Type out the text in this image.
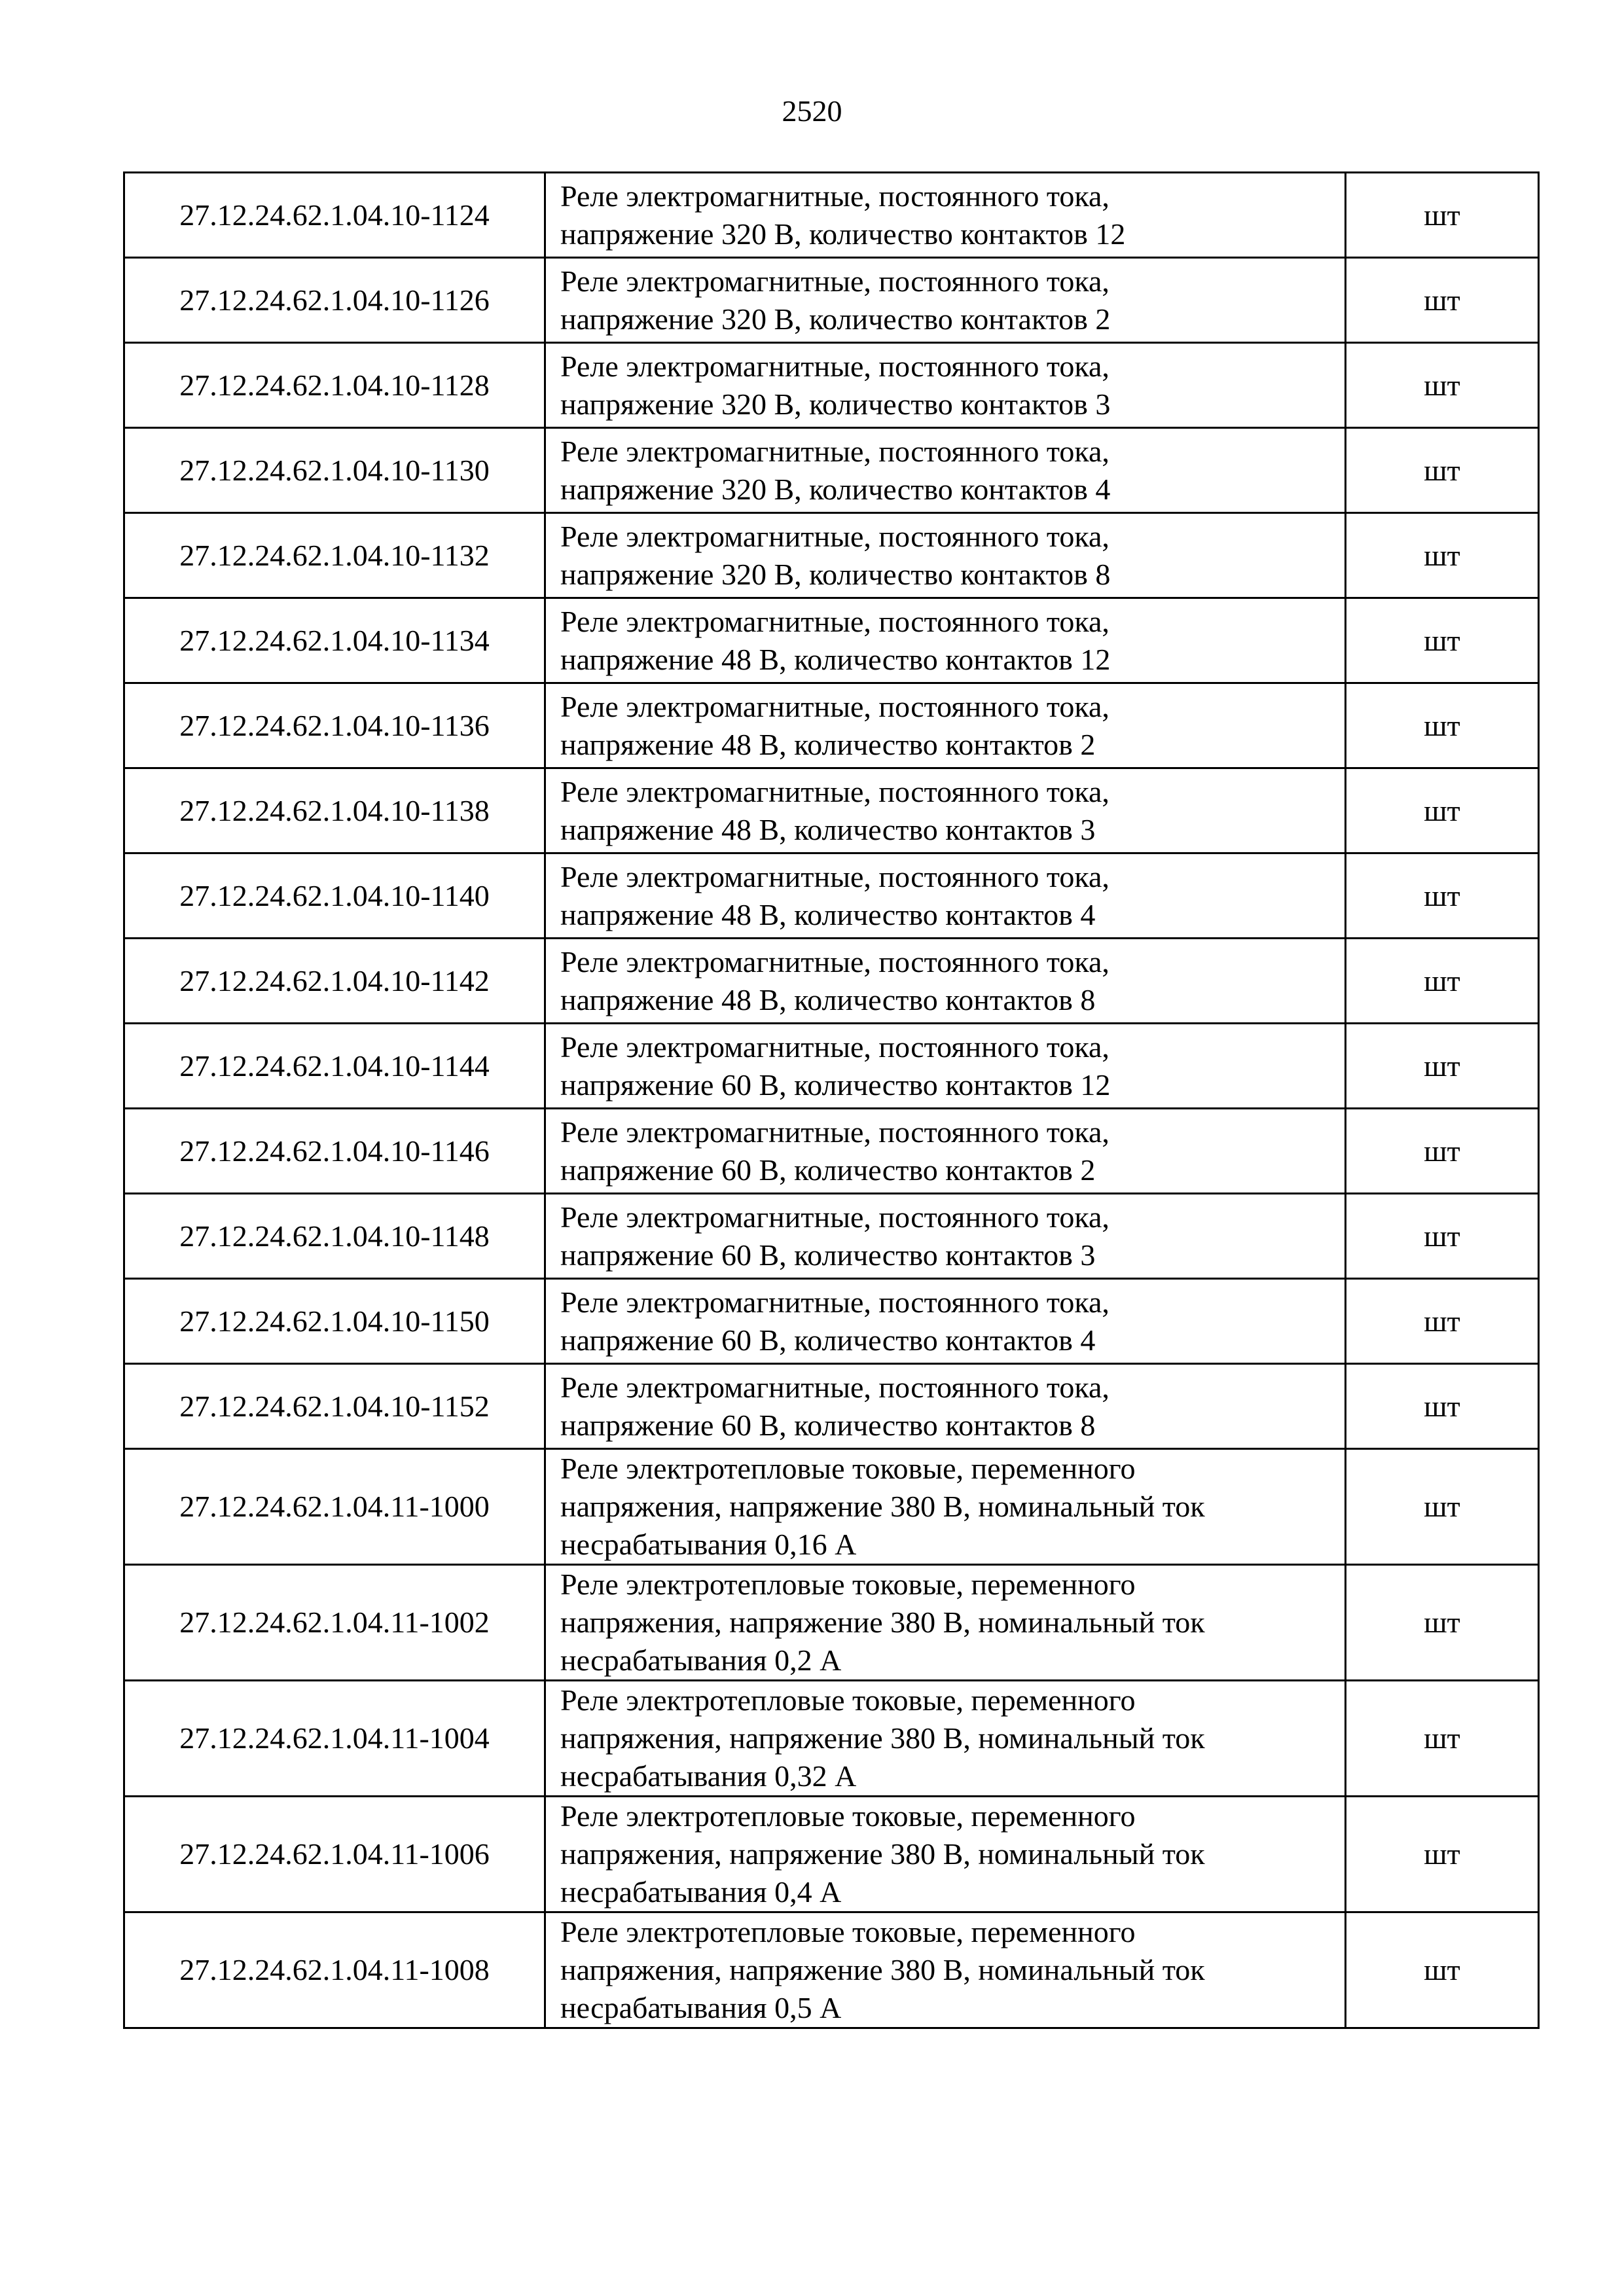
2520
27.12.24.62.1.04.10-1124	Реле электромагнитные, постоянного тока,
напряжение 320 В, количество контактов 12	шт
27.12.24.62.1.04.10-1126	Реле электромагнитные, постоянного тока,
напряжение 320 В, количество контактов 2	шт
27.12.24.62.1.04.10-1128	Реле электромагнитные, постоянного тока,
напряжение 320 В, количество контактов 3	шт
27.12.24.62.1.04.10-1130	Реле электромагнитные, постоянного тока,
напряжение 320 В, количество контактов 4	шт
27.12.24.62.1.04.10-1132	Реле электромагнитные, постоянного тока,
напряжение 320 В, количество контактов 8	шт
27.12.24.62.1.04.10-1134	Реле электромагнитные, постоянного тока,
напряжение 48 В, количество контактов 12	шт
27.12.24.62.1.04.10-1136	Реле электромагнитные, постоянного тока,
напряжение 48 В, количество контактов 2	шт
27.12.24.62.1.04.10-1138	Реле электромагнитные, постоянного тока,
напряжение 48 В, количество контактов 3	шт
27.12.24.62.1.04.10-1140	Реле электромагнитные, постоянного тока,
напряжение 48 В, количество контактов 4	шт
27.12.24.62.1.04.10-1142	Реле электромагнитные, постоянного тока,
напряжение 48 В, количество контактов 8	шт
27.12.24.62.1.04.10-1144	Реле электромагнитные, постоянного тока,
напряжение 60 В, количество контактов 12	шт
27.12.24.62.1.04.10-1146	Реле электромагнитные, постоянного тока,
напряжение 60 В, количество контактов 2	шт
27.12.24.62.1.04.10-1148	Реле электромагнитные, постоянного тока,
напряжение 60 В, количество контактов 3	шт
27.12.24.62.1.04.10-1150	Реле электромагнитные, постоянного тока,
напряжение 60 В, количество контактов 4	шт
27.12.24.62.1.04.10-1152	Реле электромагнитные, постоянного тока,
напряжение 60 В, количество контактов 8	шт
27.12.24.62.1.04.11-1000	Реле электротепловые токовые, переменного
напряжения, напряжение 380 В, номинальный ток
несрабатывания 0,16 А	шт
27.12.24.62.1.04.11-1002	Реле электротепловые токовые, переменного
напряжения, напряжение 380 В, номинальный ток
несрабатывания 0,2 А	шт
27.12.24.62.1.04.11-1004	Реле электротепловые токовые, переменного
напряжения, напряжение 380 В, номинальный ток
несрабатывания 0,32 А	шт
27.12.24.62.1.04.11-1006	Реле электротепловые токовые, переменного
напряжения, напряжение 380 В, номинальный ток
несрабатывания 0,4 А	шт
27.12.24.62.1.04.11-1008	Реле электротепловые токовые, переменного
напряжения, напряжение 380 В, номинальный ток
несрабатывания 0,5 А	шт
